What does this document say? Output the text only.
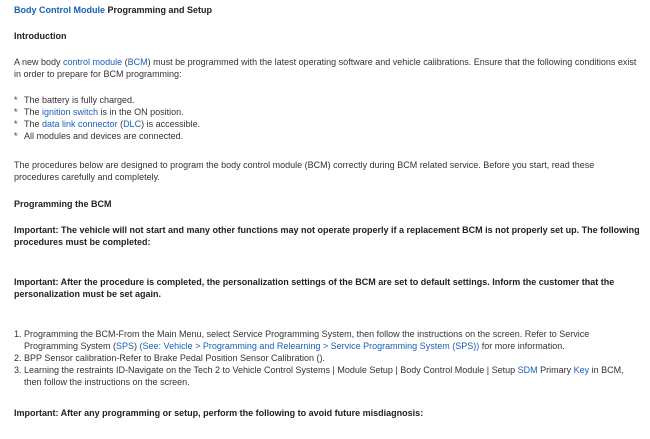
Body Control Module Programming and Setup
Introduction

A new body control module (BCM) must be programmed with the latest operating software and vehicle calibrations. Ensure that the following conditions exist in order to prepare for BCM programming:

* The battery is fully charged.
* The ignition switch is in the ON position.
* The data link connector (DLC) is accessible.
* All modules and devices are connected.

The procedures below are designed to program the body control module (BCM) correctly during BCM related service. Before you start, read these procedures carefully and completely.

Programming the BCM

Important: The vehicle will not start and many other functions may not operate properly if a replacement BCM is not properly set up. The following procedures must be completed:

Important: After the procedure is completed, the personalization settings of the BCM are set to default settings. Inform the customer that the personalization must be set again.

1. Programming the BCM-From the Main Menu, select Service Programming System, then follow the instructions on the screen. Refer to Service Programming System (SPS) (See: Vehicle > Programming and Relearning > Service Programming System (SPS)) for more information.
2. BPP Sensor calibration-Refer to Brake Pedal Position Sensor Calibration ().
3. Learning the restraints ID-Navigate on the Tech 2 to Vehicle Control Systems | Module Setup | Body Control Module | Setup SDM Primary Key in BCM, then follow the instructions on the screen.

Important: After any programming or setup, perform the following to avoid future misdiagnosis:
